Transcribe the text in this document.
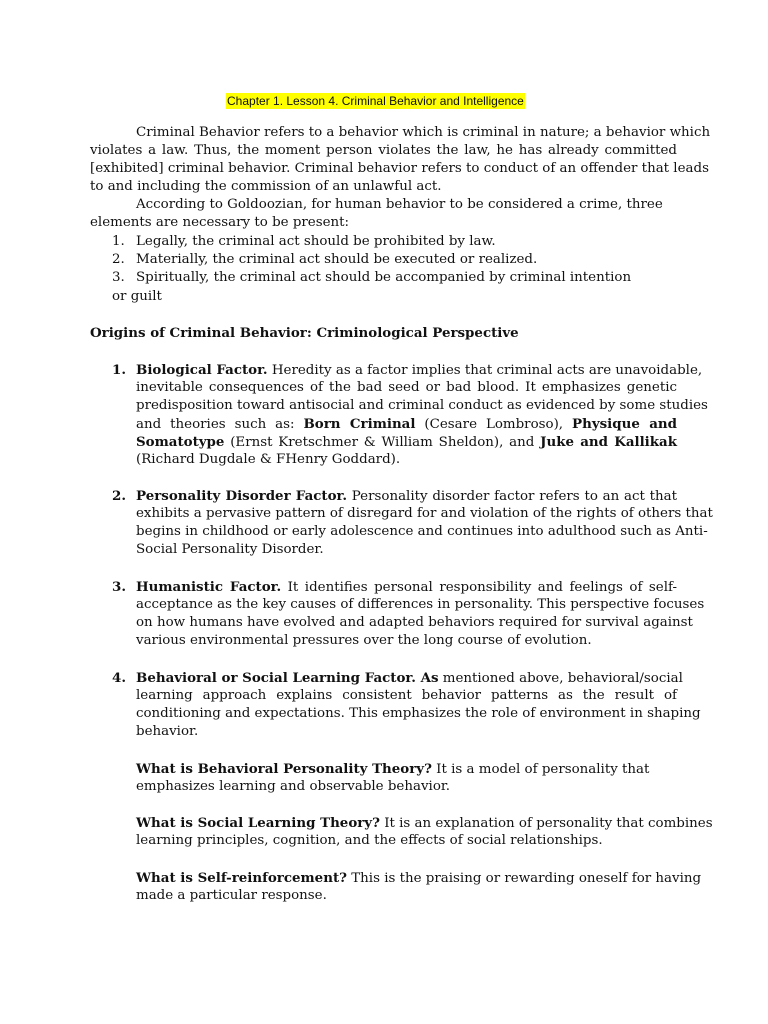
Chapter 1. Lesson 4. Criminal Behavior and Intelligence
Criminal Behavior refers to a behavior which is criminal in nature; a behavior which
violates a law. Thus, the moment person violates the law, he has already committed
[exhibited] criminal behavior. Criminal behavior refers to conduct of an offender that leads
to and including the commission of an unlawful act.
According to Goldoozian, for human behavior to be considered a crime, three
elements are necessary to be present:
1. Legally, the criminal act should be prohibited by law.
2. Materially, the criminal act should be executed or realized.
3. Spiritually, the criminal act should be accompanied by criminal intention
or guilt
Origins of Criminal Behavior: Criminological Perspective
1. Biological Factor. Heredity as a factor implies that criminal acts are unavoidable,
inevitable consequences of the bad seed or bad blood. It emphasizes genetic
predisposition toward antisocial and criminal conduct as evidenced by some studies
and theories such as: Born Criminal (Cesare Lombroso), Physique and
Somatotype (Ernst Kretschmer & William Sheldon), and Juke and Kallikak
(Richard Dugdale & FHenry Goddard).
2. Personality Disorder Factor. Personality disorder factor refers to an act that
exhibits a pervasive pattern of disregard for and violation of the rights of others that
begins in childhood or early adolescence and continues into adulthood such as Anti-
Social Personality Disorder.
3. Humanistic Factor. It identifies personal responsibility and feelings of self-
acceptance as the key causes of differences in personality. This perspective focuses
on how humans have evolved and adapted behaviors required for survival against
various environmental pressures over the long course of evolution.
4. Behavioral or Social Learning Factor. As mentioned above, behavioral/social
learning approach explains consistent behavior patterns as the result of
conditioning and expectations. This emphasizes the role of environment in shaping
behavior.
What is Behavioral Personality Theory? It is a model of personality that
emphasizes learning and observable behavior.
What is Social Learning Theory? It is an explanation of personality that combines
learning principles, cognition, and the effects of social relationships.
What is Self-reinforcement? This is the praising or rewarding oneself for having
made a particular response.
